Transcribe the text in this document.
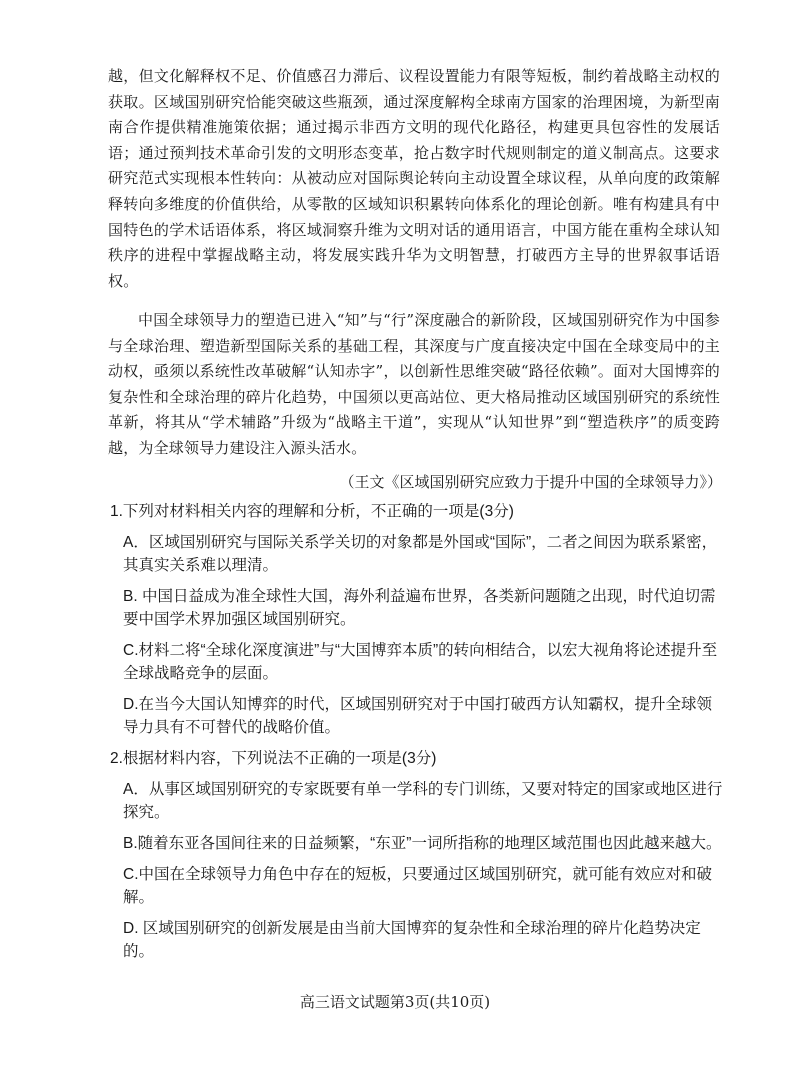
越，但文化解释权不足、价值感召力滞后、议程设置能力有限等短板，制约着战略主动权的获取。区域国别研究恰能突破这些瓶颈，通过深度解构全球南方国家的治理困境，为新型南南合作提供精准施策依据；通过揭示非西方文明的现代化路径，构建更具包容性的发展话语；通过预判技术革命引发的文明形态变革，抢占数字时代规则制定的道义制高点。这要求研究范式实现根本性转向：从被动应对国际舆论转向主动设置全球议程，从单向度的政策解释转向多维度的价值供给，从零散的区域知识积累转向体系化的理论创新。唯有构建具有中国特色的学术话语体系，将区域洞察升维为文明对话的通用语言，中国方能在重构全球认知秩序的进程中掌握战略主动，将发展实践升华为文明智慧，打破西方主导的世界叙事话语权。

中国全球领导力的塑造已进入“知”与“行”深度融合的新阶段，区域国别研究作为中国参与全球治理、塑造新型国际关系的基础工程，其深度与广度直接决定中国在全球变局中的主动权，亟须以系统性改革破解“认知赤字”，以创新性思维突破“路径依赖”。面对大国博弈的复杂性和全球治理的碎片化趋势，中国须以更高站位、更大格局推动区域国别研究的系统性革新，将其从“学术辅路”升级为“战略主干道”，实现从“认知世界”到“塑造秩序”的质变跨越，为全球领导力建设注入源头活水。

（王文《区域国别研究应致力于提升中国的全球领导力》）

1.下列对材料相关内容的理解和分析，不正确的一项是(3分)

A．区域国别研究与国际关系学关切的对象都是外国或“国际”，二者之间因为联系紧密，其真实关系难以理清。
B. 中国日益成为准全球性大国，海外利益遍布世界，各类新问题随之出现，时代迫切需要中国学术界加强区域国别研究。
C.材料二将“全球化深度演进”与“大国博弈本质”的转向相结合，以宏大视角将论述提升至全球战略竞争的层面。
D.在当今大国认知博弈的时代，区域国别研究对于中国打破西方认知霸权，提升全球领导力具有不可替代的战略价值。

2.根据材料内容，下列说法不正确的一项是(3分)

A．从事区域国别研究的专家既要有单一学科的专门训练，又要对特定的国家或地区进行探究。
B.随着东亚各国间往来的日益频繁，“东亚”一词所指称的地理区域范围也因此越来越大。
C.中国在全球领导力角色中存在的短板，只要通过区域国别研究，就可能有效应对和破解。
D. 区域国别研究的创新发展是由当前大国博弈的复杂性和全球治理的碎片化趋势决定的。
高三语文试题第3页(共10页)
